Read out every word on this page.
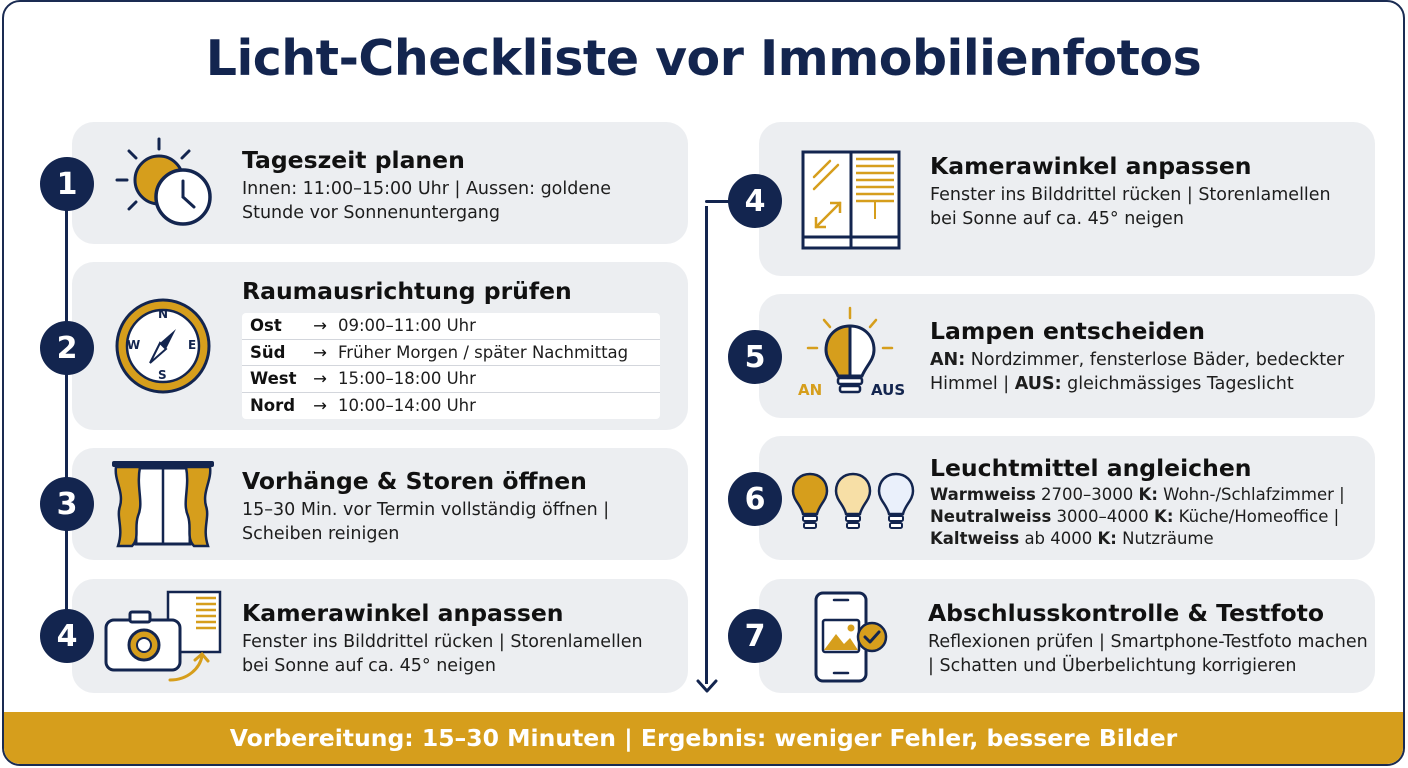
Licht-Checkliste vor Immobilienfotos
1
Tageszeit planen
Innen: 11:00–15:00 Uhr | Aussen: goldene Stunde vor Sonnenuntergang
2
N
E
S
W
Raumausrichtung prüfen
Ost	→ 09:00–11:00 Uhr
Süd	→ Früher Morgen / später Nachmittag
West	→ 15:00–18:00 Uhr
Nord	→ 10:00–14:00 Uhr
3
Vorhänge & Storen öffnen
15–30 Min. vor Termin vollständig öffnen | Scheiben reinigen
4
Kamerawinkel anpassen
Fenster ins Bilddrittel rücken | Storenlamellen bei Sonne auf ca. 45° neigen
4
Kamerawinkel anpassen
Fenster ins Bilddrittel rücken | Storenlamellen bei Sonne auf ca. 45° neigen
5
AN	AUS
Lampen entscheiden
AN: Nordzimmer, fensterlose Bäder, bedeckter Himmel | AUS: gleichmässiges Tageslicht
6
Leuchtmittel angleichen
Warmweiss 2700–3000 K: Wohn-/Schlafzimmer |
Neutralweiss 3000–4000 K: Küche/Homeoffice |
Kaltweiss ab 4000 K: Nutzräume
7
Abschlusskontrolle & Testfoto
Reflexionen prüfen | Smartphone-Testfoto machen | Schatten und Überbelichtung korrigieren
Vorbereitung: 15–30 Minuten | Ergebnis: weniger Fehler, bessere Bilder
